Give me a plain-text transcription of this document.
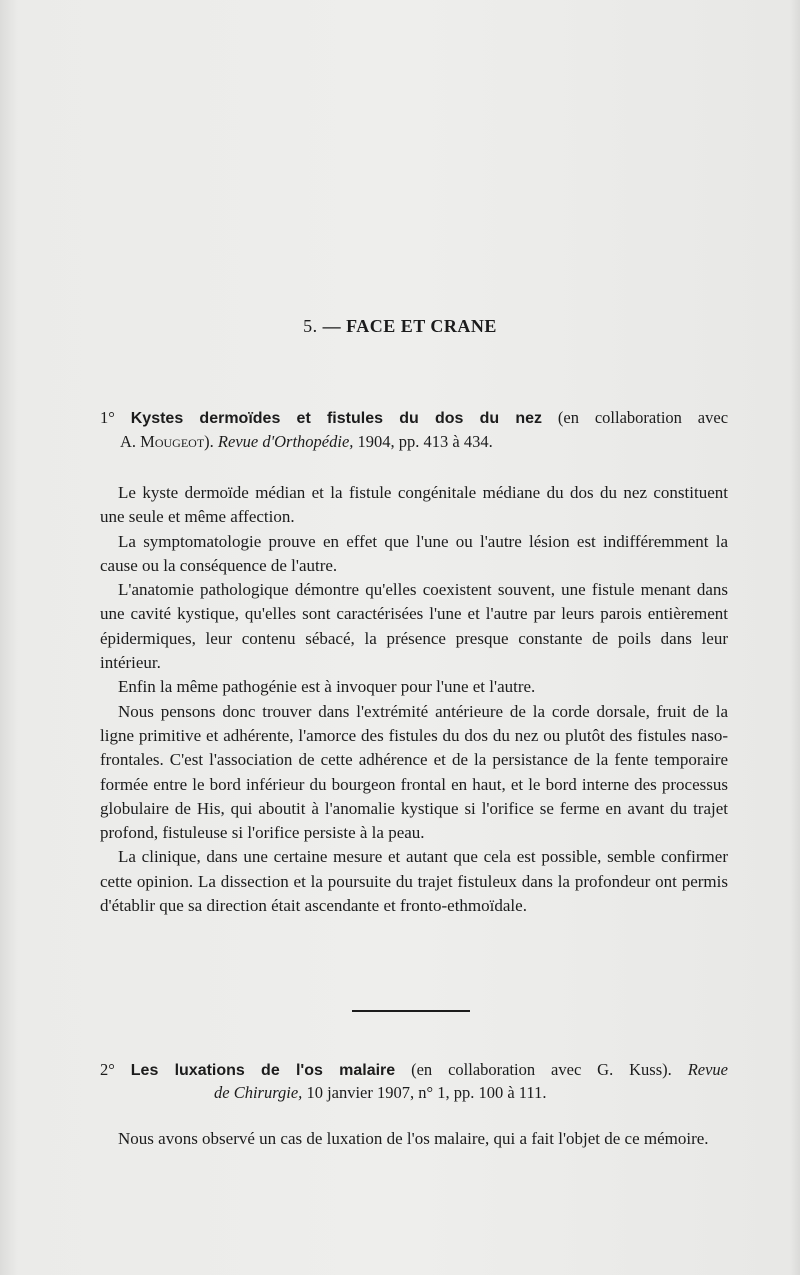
5. — FACE ET CRANE
1° Kystes dermoïdes et fistules du dos du nez (en collaboration avec
A. Mougeot). Revue d'Orthopédie, 1904, pp. 413 à 434.

Le kyste dermoïde médian et la fistule congénitale médiane du dos du nez constituent une seule et même affection.

La symptomatologie prouve en effet que l'une ou l'autre lésion est indifféremment la cause ou la conséquence de l'autre.

L'anatomie pathologique démontre qu'elles coexistent souvent, une fistule menant dans une cavité kystique, qu'elles sont caractérisées l'une et l'autre par leurs parois entièrement épidermiques, leur contenu sébacé, la présence presque constante de poils dans leur intérieur.

Enfin la même pathogénie est à invoquer pour l'une et l'autre.

Nous pensons donc trouver dans l'extrémité antérieure de la corde dorsale, fruit de la ligne primitive et adhérente, l'amorce des fistules du dos du nez ou plutôt des fistules naso-frontales. C'est l'association de cette adhérence et de la persistance de la fente temporaire formée entre le bord inférieur du bourgeon frontal en haut, et le bord interne des processus globulaire de His, qui aboutit à l'anomalie kystique si l'orifice se ferme en avant du trajet profond, fistuleuse si l'orifice persiste à la peau.

La clinique, dans une certaine mesure et autant que cela est possible, semble confirmer cette opinion. La dissection et la poursuite du trajet fistuleux dans la profondeur ont permis d'établir que sa direction était ascendante et fronto-ethmoïdale.

2° Les luxations de l'os malaire (en collaboration avec G. Kuss). Revue
de Chirurgie, 10 janvier 1907, n° 1, pp. 100 à 111.

Nous avons observé un cas de luxation de l'os malaire, qui a fait l'objet de ce mémoire.
